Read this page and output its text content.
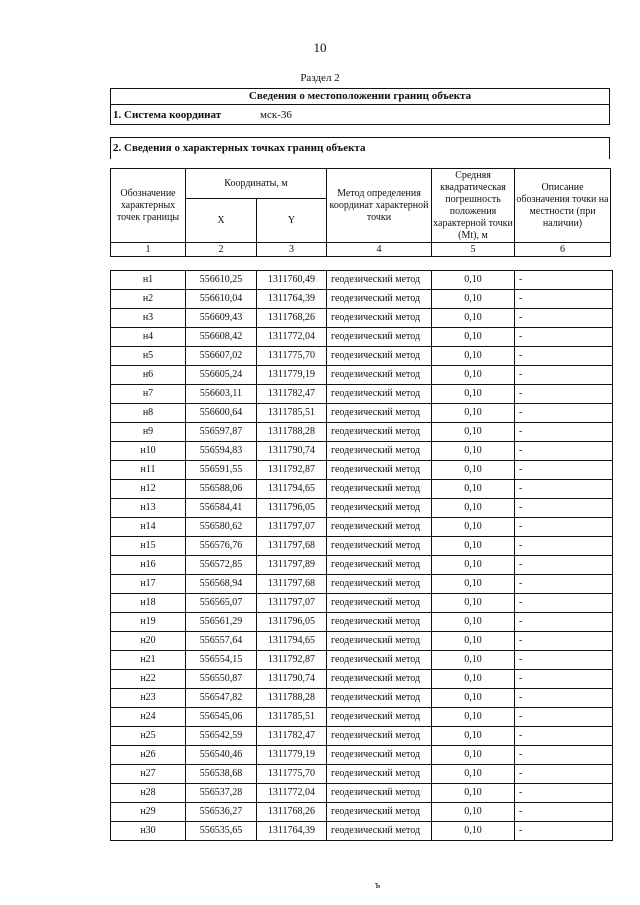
10
Раздел 2
Сведения о местоположении границ объекта
1. Система координат	мск-36
2. Сведения о характерных точках границ объекта
Обозначение характерных точек границы	Координаты, м		Метод определения координат характерной точки	Средняя квадратическая погрешность положения характерной точки (Mt), м	Описание обозначения точки на местности (при наличии)
	X	Y			
1	2	3	4	5	6
н1	556610,25	1311760,49	геодезический метод	0,10	-
н2	556610,04	1311764,39	геодезический метод	0,10	-
н3	556609,43	1311768,26	геодезический метод	0,10	-
н4	556608,42	1311772,04	геодезический метод	0,10	-
н5	556607,02	1311775,70	геодезический метод	0,10	-
н6	556605,24	1311779,19	геодезический метод	0,10	-
н7	556603,11	1311782,47	геодезический метод	0,10	-
н8	556600,64	1311785,51	геодезический метод	0,10	-
н9	556597,87	1311788,28	геодезический метод	0,10	-
н10	556594,83	1311790,74	геодезический метод	0,10	-
н11	556591,55	1311792,87	геодезический метод	0,10	-
н12	556588,06	1311794,65	геодезический метод	0,10	-
н13	556584,41	1311796,05	геодезический метод	0,10	-
н14	556580,62	1311797,07	геодезический метод	0,10	-
н15	556576,76	1311797,68	геодезический метод	0,10	-
н16	556572,85	1311797,89	геодезический метод	0,10	-
н17	556568,94	1311797,68	геодезический метод	0,10	-
н18	556565,07	1311797,07	геодезический метод	0,10	-
н19	556561,29	1311796,05	геодезический метод	0,10	-
н20	556557,64	1311794,65	геодезический метод	0,10	-
н21	556554,15	1311792,87	геодезический метод	0,10	-
н22	556550,87	1311790,74	геодезический метод	0,10	-
н23	556547,82	1311788,28	геодезический метод	0,10	-
н24	556545,06	1311785,51	геодезический метод	0,10	-
н25	556542,59	1311782,47	геодезический метод	0,10	-
н26	556540,46	1311779,19	геодезический метод	0,10	-
н27	556538,68	1311775,70	геодезический метод	0,10	-
н28	556537,28	1311772,04	геодезический метод	0,10	-
н29	556536,27	1311768,26	геодезический метод	0,10	-
н30	556535,65	1311764,39	геодезический метод	0,10	-
ъ
